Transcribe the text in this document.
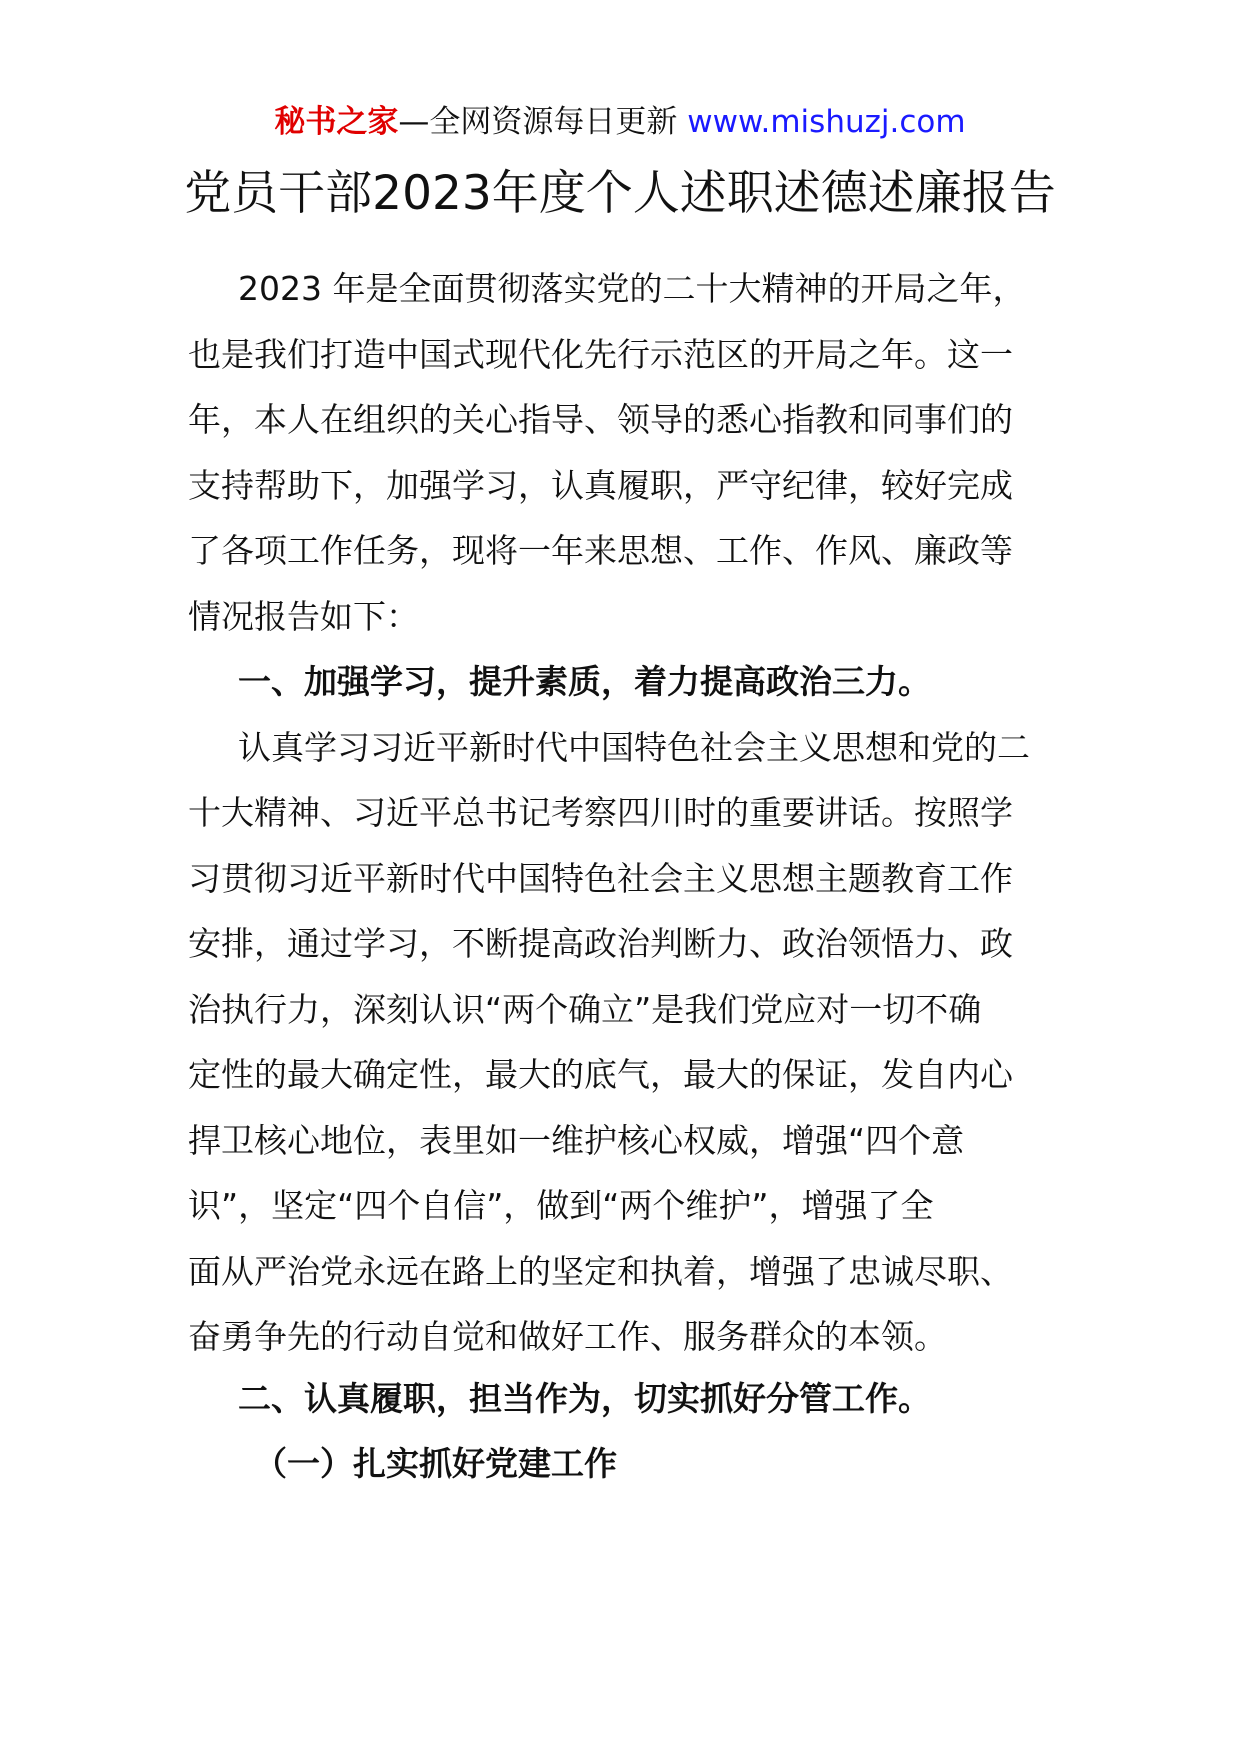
秘书之家—全网资源每日更新 www.mishuzj.com
党员干部2023年度个人述职述德述廉报告

2023 年是全面贯彻落实党的二十大精神的开局之年，
也是我们打造中国式现代化先行示范区的开局之年。这一
年，本人在组织的关心指导、领导的悉心指教和同事们的
支持帮助下，加强学习，认真履职，严守纪律，较好完成
了各项工作任务，现将一年来思想、工作、作风、廉政等
情况报告如下：

一、加强学习，提升素质，着力提高政治三力。

认真学习习近平新时代中国特色社会主义思想和党的二
十大精神、习近平总书记考察四川时的重要讲话。按照学
习贯彻习近平新时代中国特色社会主义思想主题教育工作
安排，通过学习，不断提高政治判断力、政治领悟力、政
治执行力，深刻认识“两个确立”是我们党应对一切不确
定性的最大确定性，最大的底气，最大的保证，发自内心
捍卫核心地位，表里如一维护核心权威，增强“四个意
识”，坚定“四个自信”，做到“两个维护”，增强了全
面从严治党永远在路上的坚定和执着，增强了忠诚尽职、
奋勇争先的行动自觉和做好工作、服务群众的本领。

二、认真履职，担当作为，切实抓好分管工作。

（一）扎实抓好党建工作
